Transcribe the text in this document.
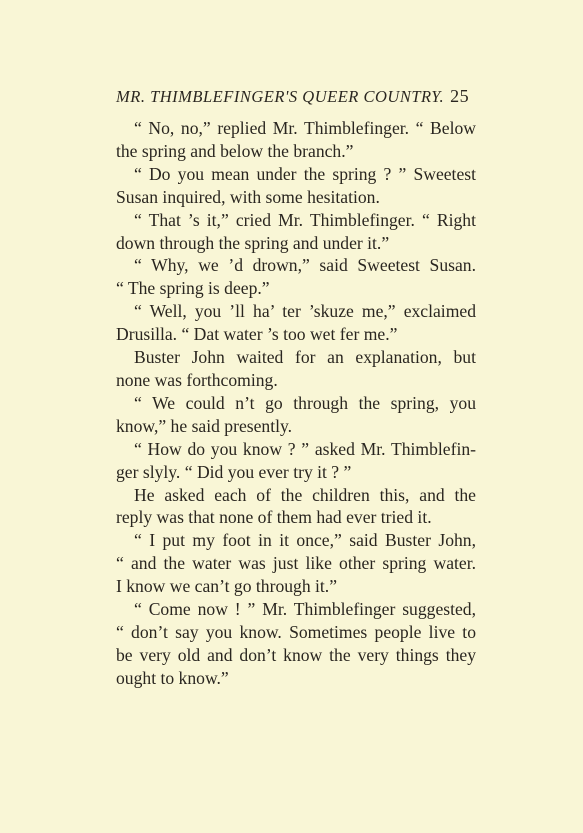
MR. THIMBLEFINGER'S QUEER COUNTRY. 25
“ No, no,” replied Mr. Thimblefinger. “ Below
the spring and below the branch.”
“ Do you mean under the spring ? ” Sweetest
Susan inquired, with some hesitation.
“ That ’s it,” cried Mr. Thimblefinger. “ Right
down through the spring and under it.”
“ Why, we ’d drown,” said Sweetest Susan.
“ The spring is deep.”
“ Well, you ’ll ha’ ter ’skuze me,” exclaimed
Drusilla. “ Dat water ’s too wet fer me.”
Buster John waited for an explanation, but
none was forthcoming.
“ We could n’t go through the spring, you
know,” he said presently.
“ How do you know ? ” asked Mr. Thimblefin-
ger slyly. “ Did you ever try it ? ”
He asked each of the children this, and the
reply was that none of them had ever tried it.
“ I put my foot in it once,” said Buster John,
“ and the water was just like other spring water.
I know we can’t go through it.”
“ Come now ! ” Mr. Thimblefinger suggested,
“ don’t say you know. Sometimes people live to
be very old and don’t know the very things they
ought to know.”
